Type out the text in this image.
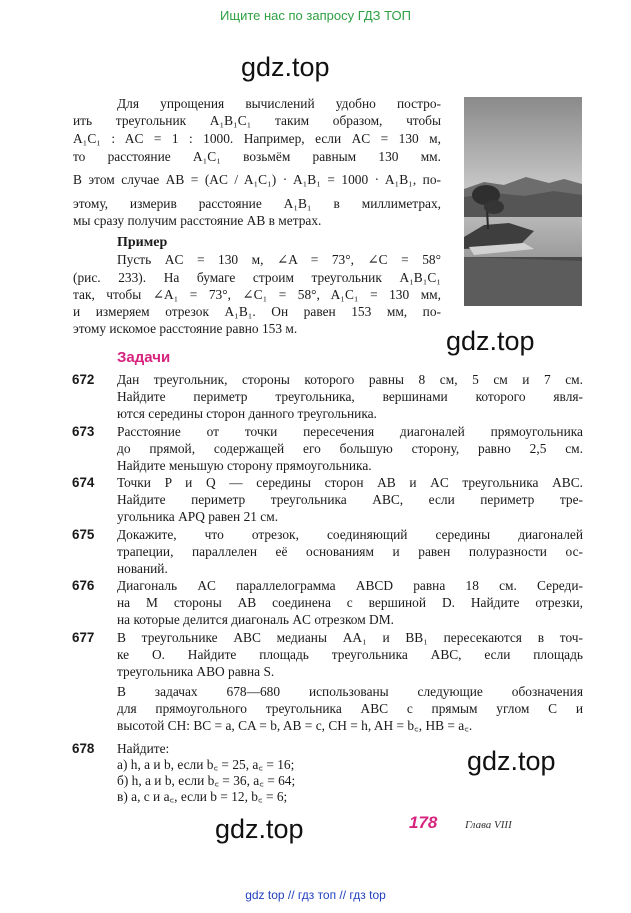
Ищите нас по запросу ГДЗ ТОП
gdz.top
Для упрощения вычислений удобно постро-
ить треугольник A₁B₁C₁ таким образом, чтобы
A₁C₁ : AC = 1 : 1000. Например, если AC = 130 м,
то расстояние A₁C₁ возьмём равным 130 мм.
В этом случае AB = (AC / A₁C₁) · A₁B₁ = 1000 · A₁B₁, по-
этому, измерив расстояние A₁B₁ в миллиметрах,
мы сразу получим расстояние AB в метрах.
Пример
Пусть AC = 130 м, ∠A = 73°, ∠C = 58°
(рис. 233). На бумаге строим треугольник A₁B₁C₁
так, чтобы ∠A₁ = 73°, ∠C₁ = 58°, A₁C₁ = 130 мм,
и измеряем отрезок A₁B₁. Он равен 153 мм, по-
этому искомое расстояние равно 153 м.	gdz.top
Задачи
672 Дан треугольник, стороны которого равны 8 см, 5 см и 7 см.
Найдите периметр треугольника, вершинами которого явля-
ются середины сторон данного треугольника.
673 Расстояние от точки пересечения диагоналей прямоугольника
до прямой, содержащей его большую сторону, равно 2,5 см.
Найдите меньшую сторону прямоугольника.
674 Точки P и Q — середины сторон AB и AC треугольника ABC.
Найдите периметр треугольника ABC, если периметр тре-
угольника APQ равен 21 см.
675 Докажите, что отрезок, соединяющий середины диагоналей
трапеции, параллелен её основаниям и равен полуразности ос-
нований.
676 Диагональ AC параллелограмма ABCD равна 18 см. Середи-
на M стороны AB соединена с вершиной D. Найдите отрезки,
на которые делится диагональ AC отрезком DM.
677 В треугольнике ABC медианы AA₁ и BB₁ пересекаются в точ-
ке O. Найдите площадь треугольника ABC, если площадь
треугольника ABO равна S.
В задачах 678—680 использованы следующие обозначения
для прямоугольного треугольника ABC с прямым углом C и
высотой CH: BC = a, CA = b, AB = c, CH = h, AH = b꜀, HB = a꜀.
678 Найдите:
а) h, a и b, если b꜀ = 25, a꜀ = 16;
б) h, a и b, если b꜀ = 36, a꜀ = 64;
в) a, c и a꜀, если b = 12, b꜀ = 6;
gdz.top
gdz.top	178	Глава VIII
gdz top // гдз топ // гдз top
